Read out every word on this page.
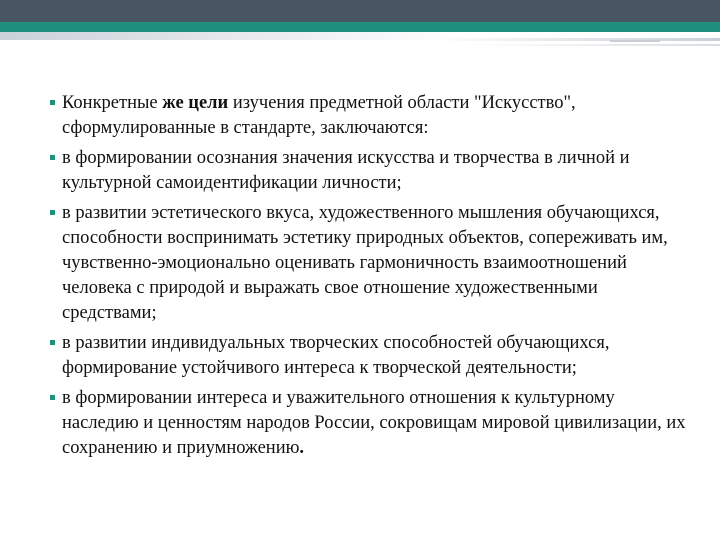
Конкретные же цели изучения предметной области "Искусство", сформулированные в стандарте, заключаются:
в формировании осознания значения искусства и творчества в личной и культурной самоидентификации личности;
в развитии эстетического вкуса, художественного мышления обучающихся, способности воспринимать эстетику природных объектов, сопереживать им, чувственно-эмоционально оценивать гармоничность взаимоотношений человека с природой и выражать свое отношение художественными средствами;
в развитии индивидуальных творческих способностей обучающихся, формирование устойчивого интереса к творческой деятельности;
в формировании интереса и уважительного отношения к культурному наследию и ценностям народов России, сокровищам мировой цивилизации, их сохранению и приумножению.
